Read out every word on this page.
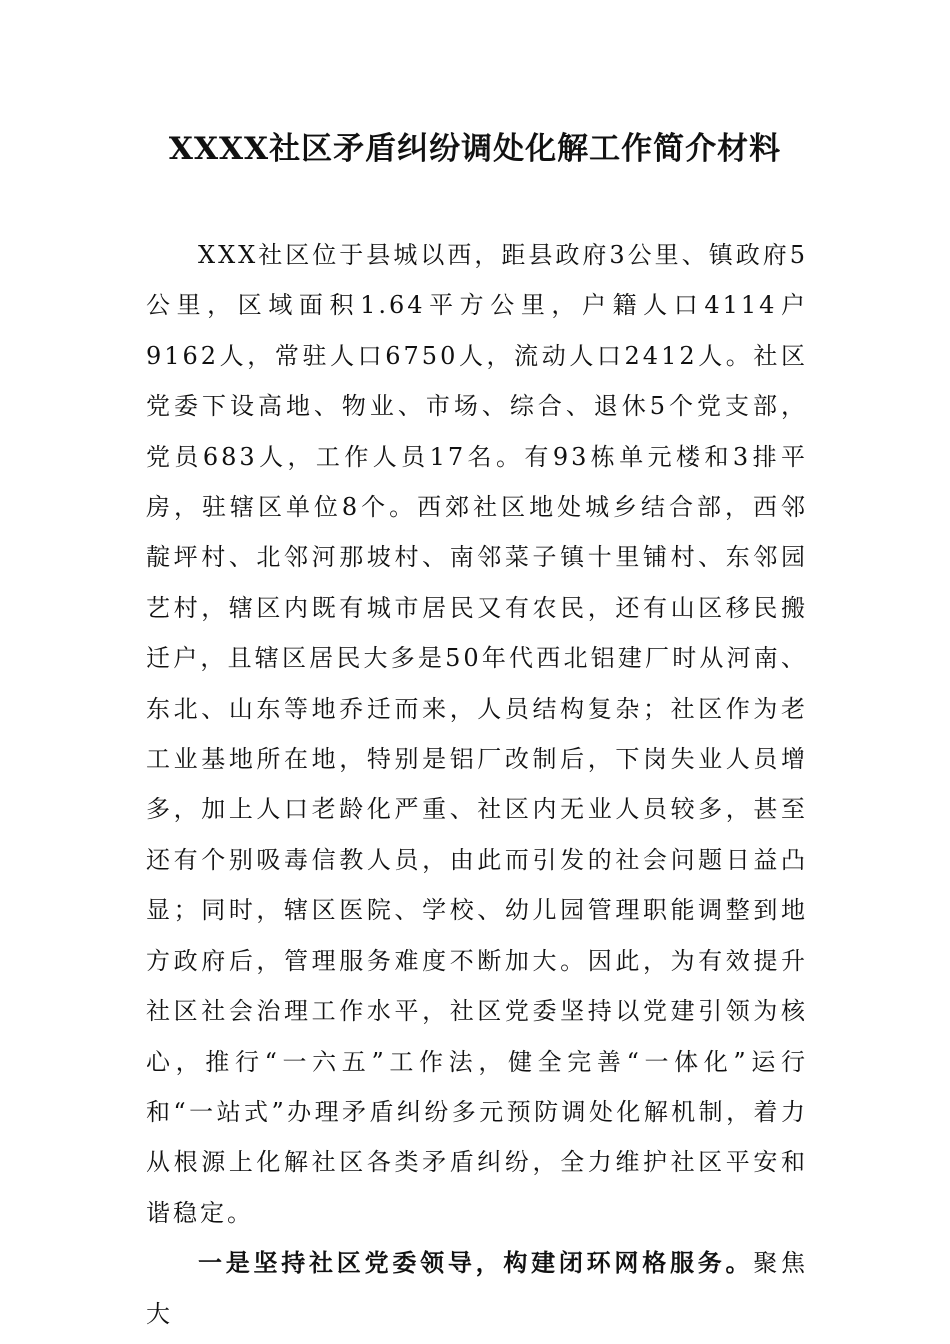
XXXX社区矛盾纠纷调处化解工作简介材料

XXX社区位于县城以西，距县政府3公里、镇政府5公里，区域面积1.64平方公里，户籍人口4114户9162人，常驻人口6750人，流动人口2412人。社区党委下设高地、物业、市场、综合、退休5个党支部，党员683人，工作人员17名。有93栋单元楼和3排平房，驻辖区单位8个。西郊社区地处城乡结合部，西邻靛坪村、北邻河那坡村、南邻菜子镇十里铺村、东邻园艺村，辖区内既有城市居民又有农民，还有山区移民搬迁户，且辖区居民大多是50年代西北铝建厂时从河南、东北、山东等地乔迁而来，人员结构复杂；社区作为老工业基地所在地，特别是铝厂改制后，下岗失业人员增多，加上人口老龄化严重、社区内无业人员较多，甚至还有个别吸毒信教人员，由此而引发的社会问题日益凸显；同时，辖区医院、学校、幼儿园管理职能调整到地方政府后，管理服务难度不断加大。因此，为有效提升社区社会治理工作水平，社区党委坚持以党建引领为核心，推行“一六五”工作法，健全完善“一体化”运行和“一站式”办理矛盾纠纷多元预防调处化解机制，着力从根源上化解社区各类矛盾纠纷，全力维护社区平安和谐稳定。

一是坚持社区党委领导，构建闭环网格服务。聚焦大
